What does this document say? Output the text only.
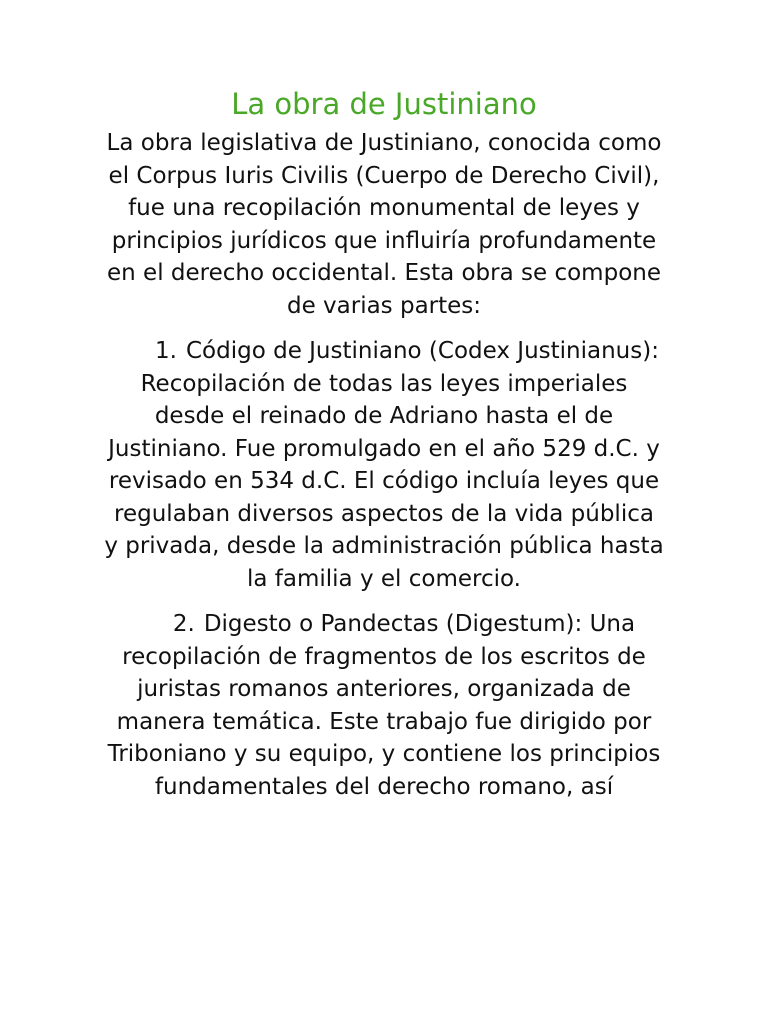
La obra de Justiniano

La obra legislativa de Justiniano, conocida como el Corpus Iuris Civilis (Cuerpo de Derecho Civil), fue una recopilación monumental de leyes y principios jurídicos que influiría profundamente en el derecho occidental. Esta obra se compone de varias partes:

1. Código de Justiniano (Codex Justinianus): Recopilación de todas las leyes imperiales desde el reinado de Adriano hasta el de Justiniano. Fue promulgado en el año 529 d.C. y revisado en 534 d.C. El código incluía leyes que regulaban diversos aspectos de la vida pública y privada, desde la administración pública hasta la familia y el comercio.

2. Digesto o Pandectas (Digestum): Una recopilación de fragmentos de los escritos de juristas romanos anteriores, organizada de manera temática. Este trabajo fue dirigido por Triboniano y su equipo, y contiene los principios fundamentales del derecho romano, así
